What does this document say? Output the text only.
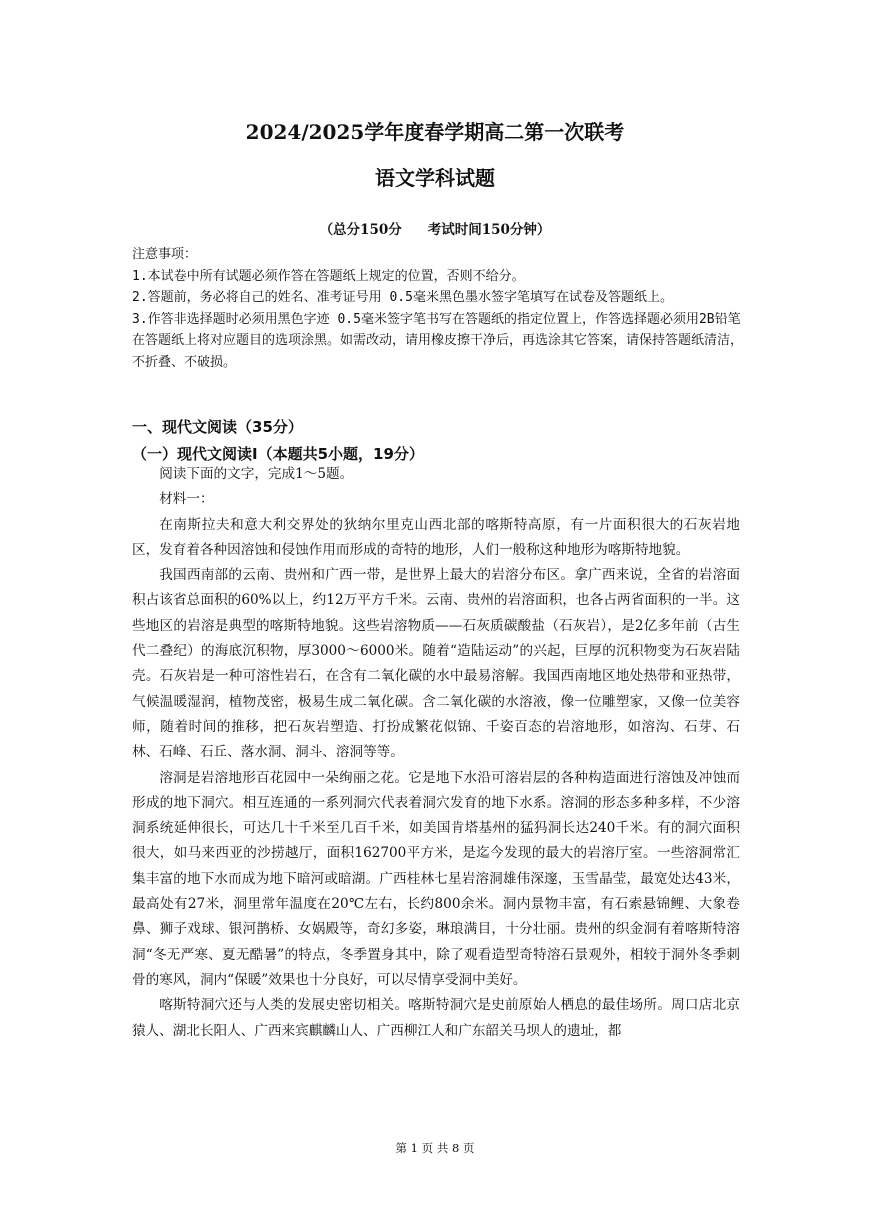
2024/2025学年度春学期高二第一次联考
语文学科试题
（总分150分 考试时间150分钟）

注意事项：

1.本试卷中所有试题必须作答在答题纸上规定的位置，否则不给分。

2.答题前，务必将自己的姓名、准考证号用 0.5毫米黑色墨水签字笔填写在试卷及答题纸上。

3.作答非选择题时必须用黑色字迹 0.5毫米签字笔书写在答题纸的指定位置上，作答选择题必须用2B铅笔在答题纸上将对应题目的选项涂黑。如需改动，请用橡皮擦干净后，再选涂其它答案，请保持答题纸清洁，不折叠、不破损。

一、现代文阅读（35分）
（一）现代文阅读Ⅰ（本题共5小题，19分）

阅读下面的文字，完成1～5题。

材料一：

在南斯拉夫和意大利交界处的狄纳尔里克山西北部的喀斯特高原，有一片面积很大的石灰岩地区，发育着各种因溶蚀和侵蚀作用而形成的奇特的地形，人们一般称这种地形为喀斯特地貌。

我国西南部的云南、贵州和广西一带，是世界上最大的岩溶分布区。拿广西来说，全省的岩溶面积占该省总面积的60%以上，约12万平方千米。云南、贵州的岩溶面积，也各占两省面积的一半。这些地区的岩溶是典型的喀斯特地貌。这些岩溶物质——石灰质碳酸盐（石灰岩），是2亿多年前（古生代二叠纪）的海底沉积物，厚3000～6000米。随着“造陆运动”的兴起，巨厚的沉积物变为石灰岩陆壳。石灰岩是一种可溶性岩石，在含有二氧化碳的水中最易溶解。我国西南地区地处热带和亚热带，气候温暖湿润，植物茂密，极易生成二氧化碳。含二氧化碳的水溶液，像一位雕塑家，又像一位美容师，随着时间的推移，把石灰岩塑造、打扮成繁花似锦、千姿百态的岩溶地形，如溶沟、石芽、石林、石峰、石丘、落水洞、洞斗、溶洞等等。

溶洞是岩溶地形百花园中一朵绚丽之花。它是地下水沿可溶岩层的各种构造面进行溶蚀及冲蚀而形成的地下洞穴。相互连通的一系列洞穴代表着洞穴发育的地下水系。溶洞的形态多种多样，不少溶洞系统延伸很长，可达几十千米至几百千米，如美国肯塔基州的猛犸洞长达240千米。有的洞穴面积很大，如马来西亚的沙捞越厅，面积162700平方米，是迄今发现的最大的岩溶厅室。一些溶洞常汇集丰富的地下水而成为地下暗河或暗湖。广西桂林七星岩溶洞雄伟深邃，玉雪晶莹，最宽处达43米，最高处有27米，洞里常年温度在20℃左右，长约800余米。洞内景物丰富，有石索悬锦鲤、大象卷鼻、狮子戏球、银河鹊桥、女娲殿等，奇幻多姿，琳琅满目，十分壮丽。贵州的织金洞有着喀斯特溶洞“冬无严寒、夏无酷暑”的特点，冬季置身其中，除了观看造型奇特溶石景观外，相较于洞外冬季刺骨的寒风，洞内“保暖”效果也十分良好，可以尽情享受洞中美好。

喀斯特洞穴还与人类的发展史密切相关。喀斯特洞穴是史前原始人栖息的最佳场所。周口店北京猿人、湖北长阳人、广西来宾麒麟山人、广西柳江人和广东韶关马坝人的遗址，都

第 1 页 共 8 页
